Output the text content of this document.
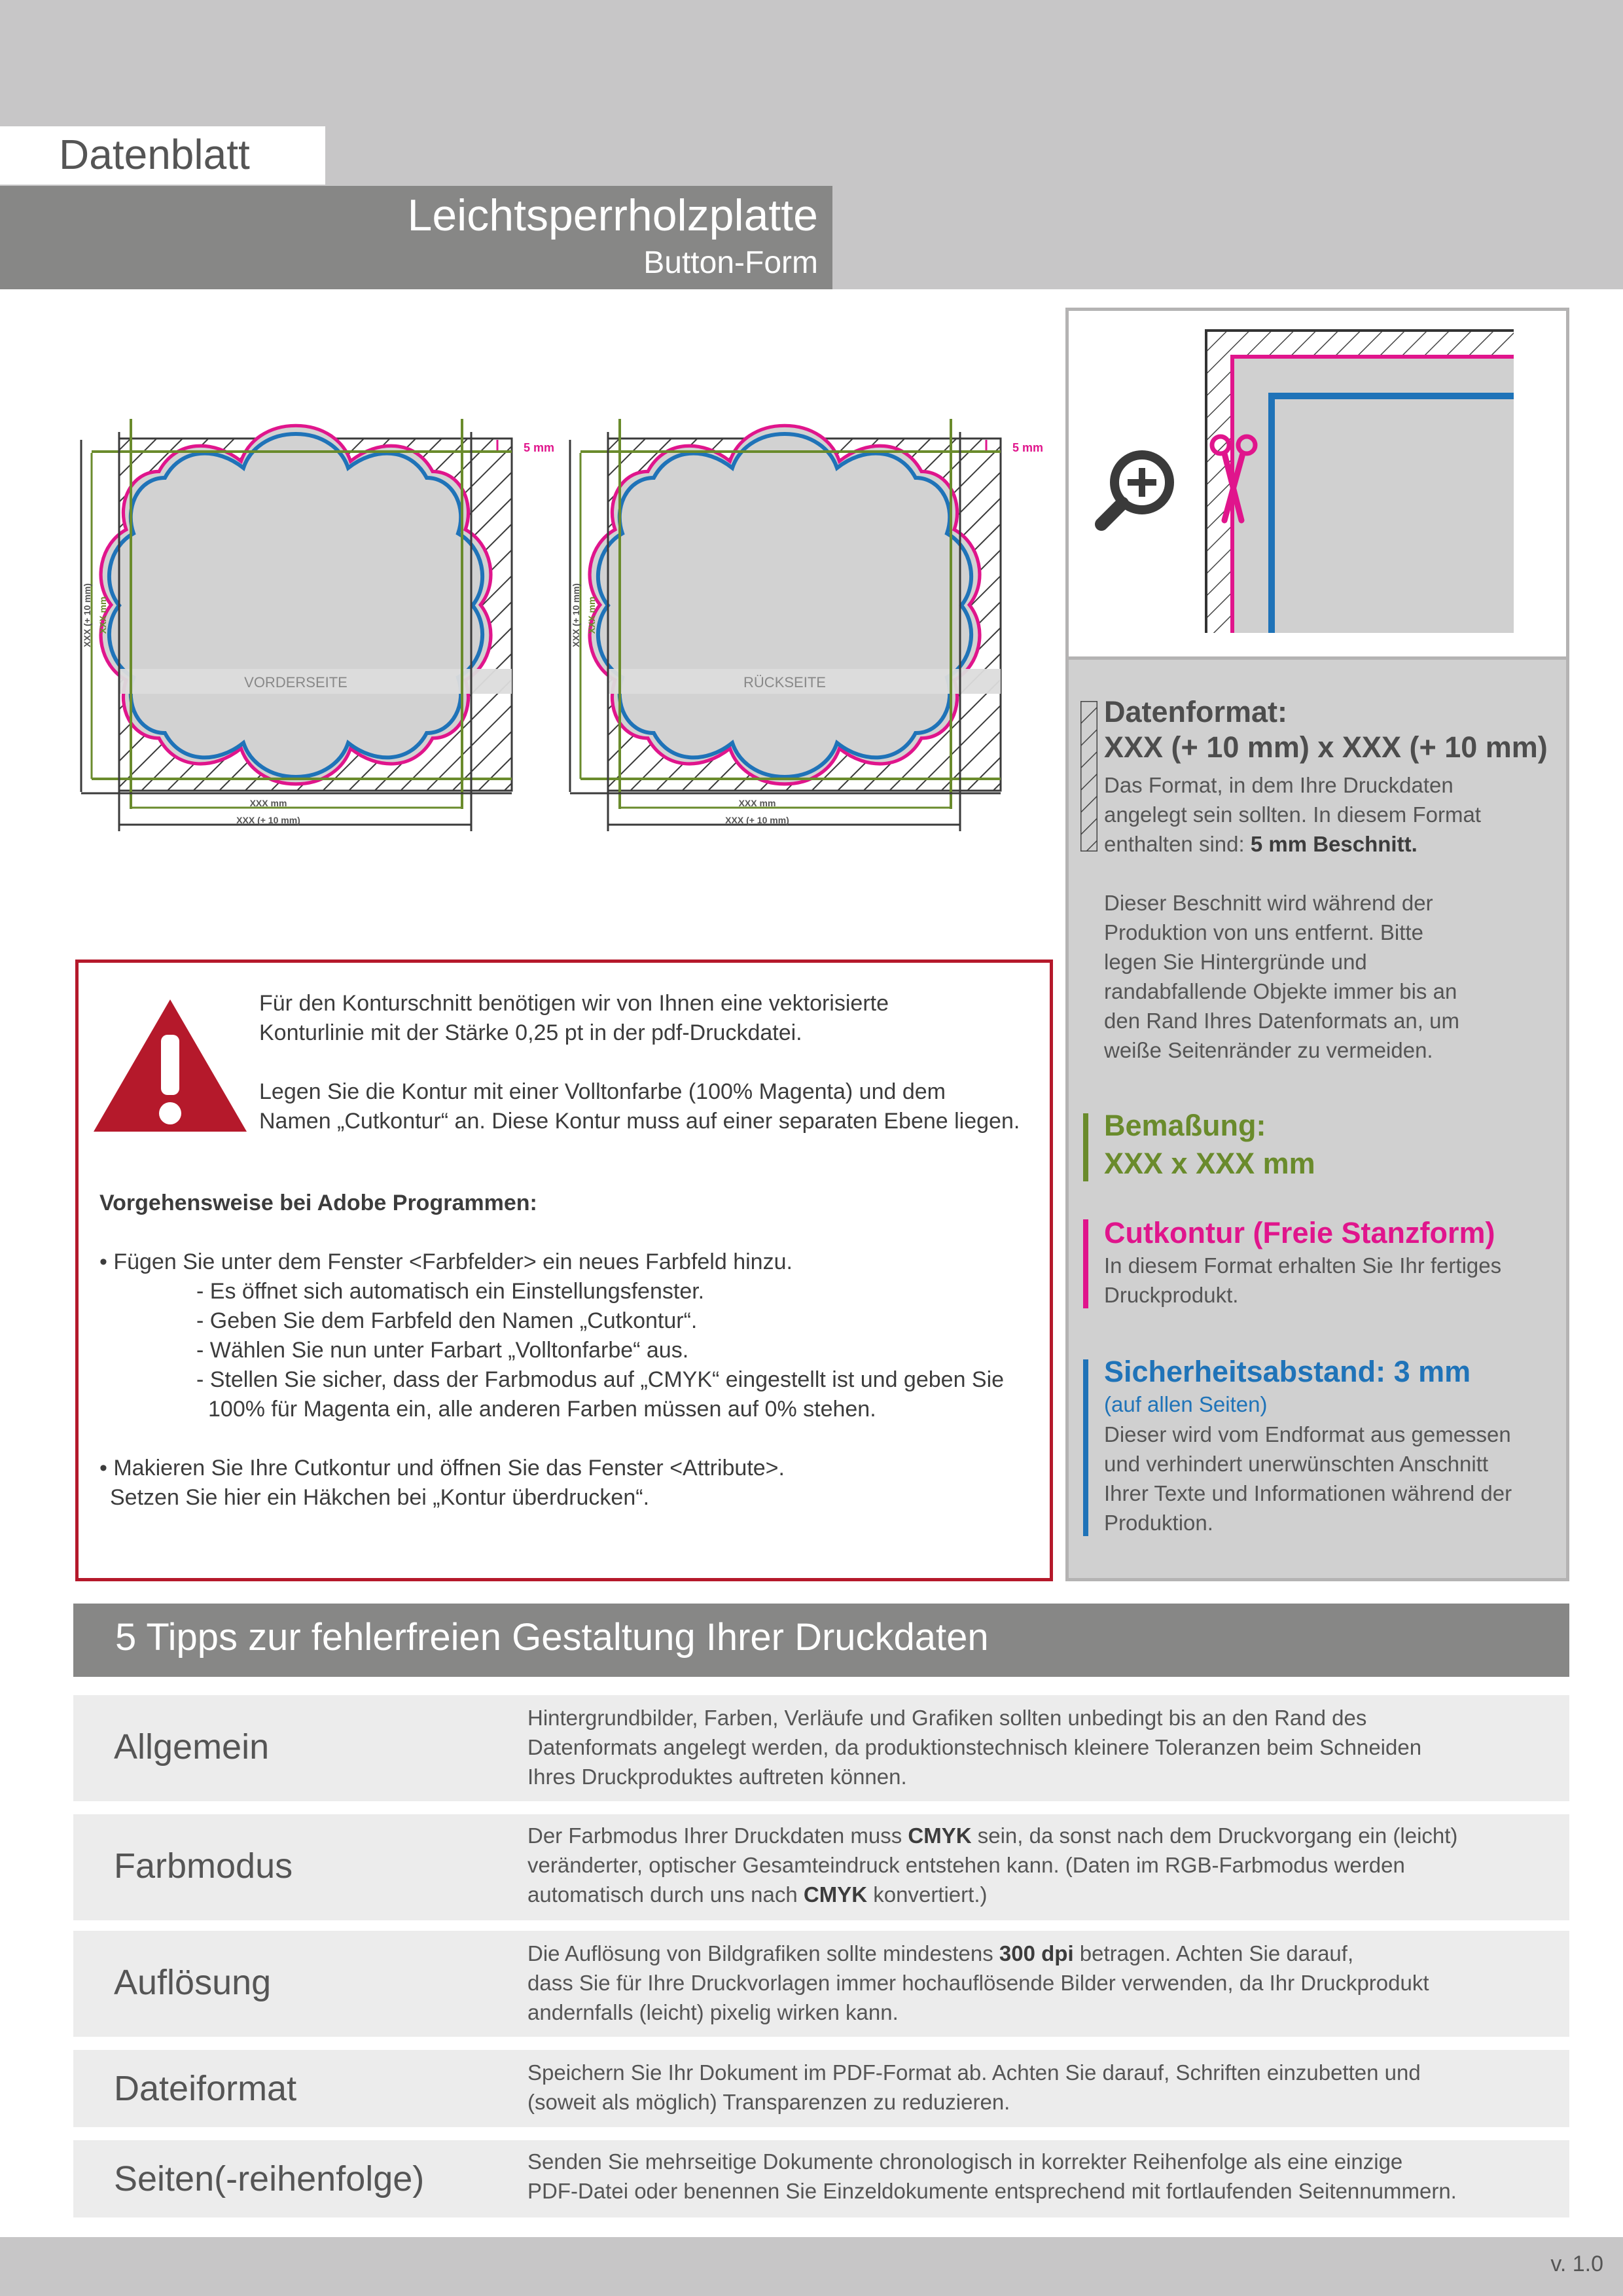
Datenblatt
Leichtsperrholzplatte
Button-Form
VORDERSEITE
XXX mm
XXX (+ 10 mm)
XXX (+ 10 mm) XXX mm
5 mm
RÜCKSEITE
XXX mm
XXX (+ 10 mm)
XXX (+ 10 mm) XXX mm
5 mm
Datenformat:
XXX (+ 10 mm) x XXX (+ 10 mm)
Das Format, in dem Ihre Druckdaten
angelegt sein sollten. In diesem Format
enthalten sind: 5 mm Beschnitt.
Dieser Beschnitt wird während der
Produktion von uns entfernt. Bitte
legen Sie Hintergründe und
randabfallende Objekte immer bis an
den Rand Ihres Datenformats an, um
weiße Seitenränder zu vermeiden.
Bemaßung:
XXX x XXX mm
Cutkontur (Freie Stanzform)
In diesem Format erhalten Sie Ihr fertiges
Druckprodukt.
Sicherheitsabstand: 3 mm
(auf allen Seiten)
Dieser wird vom Endformat aus gemessen
und verhindert unerwünschten Anschnitt
Ihrer Texte und Informationen während der
Produktion.
Für den Konturschnitt benötigen wir von Ihnen eine vektorisierte
Konturlinie mit der Stärke 0,25 pt in der pdf-Druckdatei.
Legen Sie die Kontur mit einer Volltonfarbe (100% Magenta) und dem
Namen „Cutkontur“ an. Diese Kontur muss auf einer separaten Ebene liegen.
Vorgehensweise bei Adobe Programmen:
• Fügen Sie unter dem Fenster <Farbfelder> ein neues Farbfeld hinzu.
- Es öffnet sich automatisch ein Einstellungsfenster.
- Geben Sie dem Farbfeld den Namen „Cutkontur“.
- Wählen Sie nun unter Farbart „Volltonfarbe“ aus.
- Stellen Sie sicher, dass der Farbmodus auf „CMYK“ eingestellt ist und geben Sie
100% für Magenta ein, alle anderen Farben müssen auf 0% stehen.
• Makieren Sie Ihre Cutkontur und öffnen Sie das Fenster <Attribute>.
Setzen Sie hier ein Häkchen bei „Kontur überdrucken“.
5 Tipps zur fehlerfreien Gestaltung Ihrer Druckdaten
Allgemein
Hintergrundbilder, Farben, Verläufe und Grafiken sollten unbedingt bis an den Rand des
Datenformats angelegt werden, da produktionstechnisch kleinere Toleranzen beim Schneiden
Ihres Druckproduktes auftreten können.
Farbmodus
Der Farbmodus Ihrer Druckdaten muss CMYK sein, da sonst nach dem Druckvorgang ein (leicht)
veränderter, optischer Gesamteindruck entstehen kann. (Daten im RGB-Farbmodus werden
automatisch durch uns nach CMYK konvertiert.)
Auflösung
Die Auflösung von Bildgrafiken sollte mindestens 300 dpi betragen. Achten Sie darauf,
dass Sie für Ihre Druckvorlagen immer hochauflösende Bilder verwenden, da Ihr Druckprodukt
andernfalls (leicht) pixelig wirken kann.
Dateiformat	Speichern Sie Ihr Dokument im PDF-Format ab. Achten Sie darauf, Schriften einzubetten und
(soweit als möglich) Transparenzen zu reduzieren.
Seiten(-reihenfolge)	Senden Sie mehrseitige Dokumente chronologisch in korrekter Reihenfolge als eine einzige
PDF-Datei oder benennen Sie Einzeldokumente entsprechend mit fortlaufenden Seitennummern.
v. 1.0
